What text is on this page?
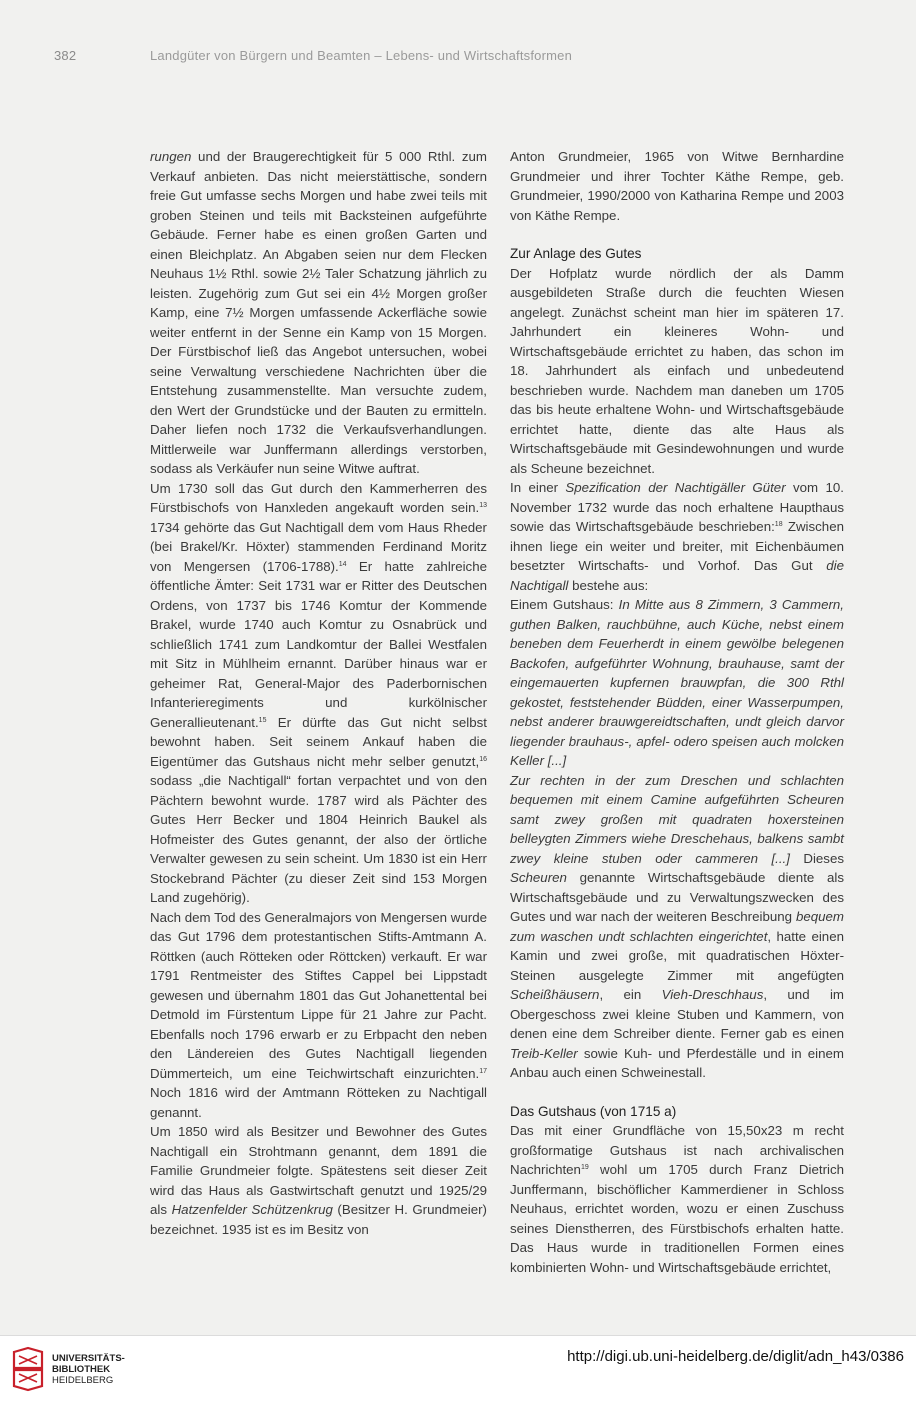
382	Landgüter von Bürgern und Beamten – Lebens- und Wirtschaftsformen

rungen und der Braugerechtigkeit für 5 000 Rthl. zum Verkauf anbieten. Das nicht meierstättische, sondern freie Gut umfasse sechs Morgen und habe zwei teils mit groben Steinen und teils mit Backsteinen aufgeführte Gebäude. Ferner habe es einen großen Garten und einen Bleichplatz. An Abgaben seien nur dem Flecken Neuhaus 1½ Rthl. sowie 2½ Taler Schatzung jährlich zu leisten. Zugehörig zum Gut sei ein 4½ Morgen großer Kamp, eine 7½ Morgen umfassende Ackerfläche sowie weiter entfernt in der Senne ein Kamp von 15 Morgen. Der Fürstbischof ließ das Angebot untersuchen, wobei seine Verwaltung verschiedene Nachrichten über die Entstehung zusammenstellte. Man versuchte zudem, den Wert der Grundstücke und der Bauten zu ermitteln. Daher liefen noch 1732 die Verkaufsverhandlungen. Mittlerweile war Junffermann allerdings verstorben, sodass als Verkäufer nun seine Witwe auftrat.

Um 1730 soll das Gut durch den Kammerherren des Fürstbischofs von Hanxleden angekauft worden sein.$^{13}$ 1734 gehörte das Gut Nachtigall dem vom Haus Rheder (bei Brakel/Kr. Höxter) stammenden Ferdinand Moritz von Mengersen (1706-1788).$^{14}$ Er hatte zahlreiche öffentliche Ämter: Seit 1731 war er Ritter des Deutschen Ordens, von 1737 bis 1746 Komtur der Kommende Brakel, wurde 1740 auch Komtur zu Osnabrück und schließlich 1741 zum Landkomtur der Ballei Westfalen mit Sitz in Mühlheim ernannt. Darüber hinaus war er geheimer Rat, General-Major des Paderbornischen Infanterieregiments und kurkölnischer Generallieutenant.$^{15}$ Er dürfte das Gut nicht selbst bewohnt haben. Seit seinem Ankauf haben die Eigentümer das Gutshaus nicht mehr selber genutzt,$^{16}$ sodass „die Nachtigall“ fortan verpachtet und von den Pächtern bewohnt wurde. 1787 wird als Pächter des Gutes Herr Becker und 1804 Heinrich Baukel als Hofmeister des Gutes genannt, der also der örtliche Verwalter gewesen zu sein scheint. Um 1830 ist ein Herr Stockebrand Pächter (zu dieser Zeit sind 153 Morgen Land zugehörig).

Nach dem Tod des Generalmajors von Mengersen wurde das Gut 1796 dem protestantischen Stifts-Amtmann A. Röttken (auch Rötteken oder Röttcken) verkauft. Er war 1791 Rentmeister des Stiftes Cappel bei Lippstadt gewesen und übernahm 1801 das Gut Johanettental bei Detmold im Fürstentum Lippe für 21 Jahre zur Pacht. Ebenfalls noch 1796 erwarb er zu Erbpacht den neben den Ländereien des Gutes Nachtigall liegenden Dümmerteich, um eine Teichwirtschaft einzurichten.$^{17}$ Noch 1816 wird der Amtmann Rötteken zu Nachtigall genannt.

Um 1850 wird als Besitzer und Bewohner des Gutes Nachtigall ein Strohtmann genannt, dem 1891 die Familie Grundmeier folgte. Spätestens seit dieser Zeit wird das Haus als Gastwirtschaft genutzt und 1925/29 als Hatzenfelder Schützenkrug (Besitzer H. Grundmeier) bezeichnet. 1935 ist es im Besitz von

Anton Grundmeier, 1965 von Witwe Bernhardine Grundmeier und ihrer Tochter Käthe Rempe, geb. Grundmeier, 1990/2000 von Katharina Rempe und 2003 von Käthe Rempe.

Zur Anlage des Gutes

Der Hofplatz wurde nördlich der als Damm ausgebildeten Straße durch die feuchten Wiesen angelegt. Zunächst scheint man hier im späteren 17. Jahrhundert ein kleineres Wohn- und Wirtschaftsgebäude errichtet zu haben, das schon im 18. Jahrhundert als einfach und unbedeutend beschrieben wurde. Nachdem man daneben um 1705 das bis heute erhaltene Wohn- und Wirtschaftsgebäude errichtet hatte, diente das alte Haus als Wirtschaftsgebäude mit Gesindewohnungen und wurde als Scheune bezeichnet.

In einer Spezification der Nachtigäller Güter vom 10. November 1732 wurde das noch erhaltene Haupthaus sowie das Wirtschaftsgebäude beschrieben:$^{18}$ Zwischen ihnen liege ein weiter und breiter, mit Eichenbäumen besetzter Wirtschafts- und Vorhof. Das Gut die Nachtigall bestehe aus:

Einem Gutshaus: In Mitte aus 8 Zimmern, 3 Cammern, guthen Balken, rauchbühne, auch Küche, nebst einem beneben dem Feuerherdt in einem gewölbe belegenen Backofen, aufgeführter Wohnung, brauhause, samt der eingemauerten kupfernen brauwpfan, die 300 Rthl gekostet, feststehender Büdden, einer Wasserpumpen, nebst anderer brauwgereidtschaften, undt gleich darvor liegender brauhaus-, apfel- odero speisen auch molcken Keller [...]

Zur rechten in der zum Dreschen und schlachten bequemen mit einem Camine aufgeführten Scheuren samt zwey großen mit quadraten hoxersteinen belleygten Zimmers wiehe Dreschehaus, balkens sambt zwey kleine stuben oder cammeren [...] Dieses Scheuren genannte Wirtschaftsgebäude diente als Wirtschaftsgebäude und zu Verwaltungszwecken des Gutes und war nach der weiteren Beschreibung bequem zum waschen undt schlachten eingerichtet, hatte einen Kamin und zwei große, mit quadratischen Höxter-Steinen ausgelegte Zimmer mit angefügten Scheißhäusern, ein Vieh-Dreschhaus, und im Obergeschoss zwei kleine Stuben und Kammern, von denen eine dem Schreiber diente. Ferner gab es einen Treib-Keller sowie Kuh- und Pferdeställe und in einem Anbau auch einen Schweinestall.

Das Gutshaus (von 1715 a)

Das mit einer Grundfläche von 15,50x23 m recht großformatige Gutshaus ist nach archivalischen Nachrichten$^{19}$ wohl um 1705 durch Franz Dietrich Junffermann, bischöflicher Kammerdiener in Schloss Neuhaus, errichtet worden, wozu er einen Zuschuss seines Dienstherren, des Fürstbischofs erhalten hatte. Das Haus wurde in traditionellen Formen eines kombinierten Wohn- und Wirtschaftsgebäude errichtet,

UNIVERSITÄTS-
BIBLIOTHEK
HEIDELBERG
http://digi.ub.uni-heidelberg.de/diglit/adn_h43/0386
